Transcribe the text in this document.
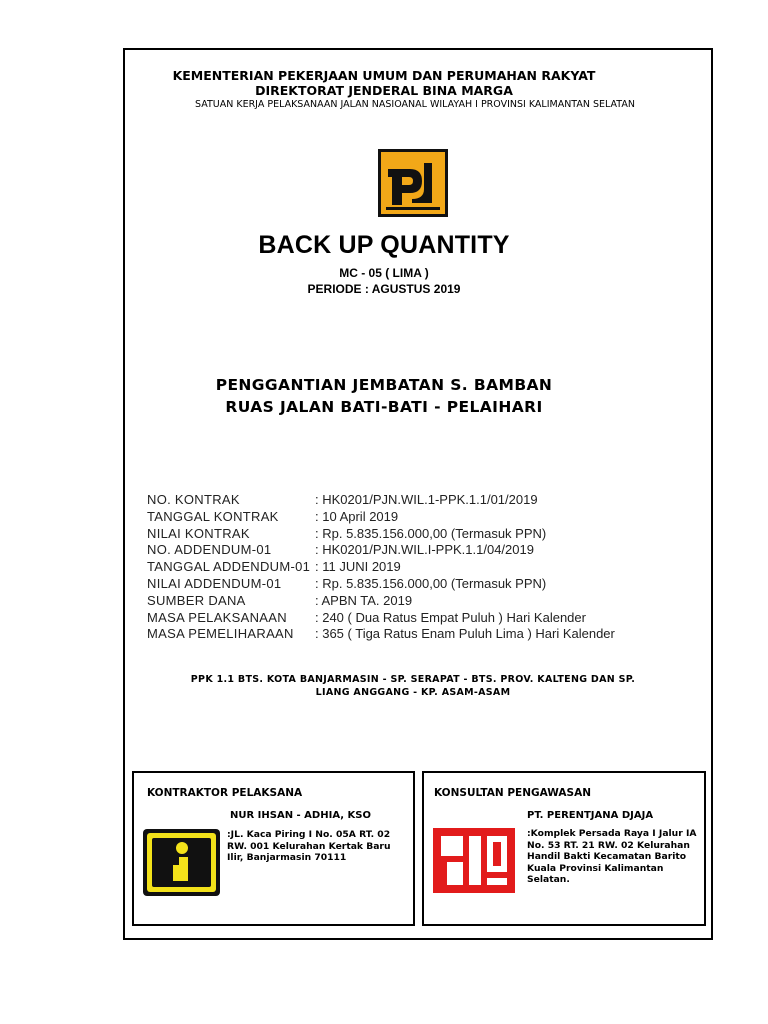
KEMENTERIAN PEKERJAAN UMUM DAN PERUMAHAN RAKYAT
DIREKTORAT JENDERAL BINA MARGA
SATUAN KERJA PELAKSANAAN JALAN NASIOANAL WILAYAH I PROVINSI KALIMANTAN SELATAN
BACK UP QUANTITY
MC - 05 ( LIMA )
PERIODE : AGUSTUS 2019
PENGGANTIAN JEMBATAN S. BAMBAN
RUAS JALAN BATI-BATI - PELAIHARI
NO. KONTRAK	: HK0201/PJN.WIL.1-PPK.1.1/01/2019
TANGGAL KONTRAK	: 10 April 2019
NILAI KONTRAK	: Rp. 5.835.156.000,00 (Termasuk PPN)
NO. ADDENDUM-01	: HK0201/PJN.WIL.I-PPK.1.1/04/2019
TANGGAL ADDENDUM-01 : 11 JUNI 2019
NILAI ADDENDUM-01	: Rp. 5.835.156.000,00 (Termasuk PPN)
SUMBER DANA	: APBN TA. 2019
MASA PELAKSANAAN : 240 ( Dua Ratus Empat Puluh ) Hari Kalender
MASA PEMELIHARAAN : 365 ( Tiga Ratus Enam Puluh Lima ) Hari Kalender
PPK 1.1 BTS. KOTA BANJARMASIN - SP. SERAPAT - BTS. PROV. KALTENG DAN SP. LIANG ANGGANG - KP. ASAM-ASAM
KONTRAKTOR PELAKSANA
NUR IHSAN - ADHIA, KSO
:JL. Kaca Piring I No. 05A RT. 02 RW. 001 Kelurahan Kertak Baru Ilir, Banjarmasin 70111
KONSULTAN PENGAWASAN
PT. PERENTJANA DJAJA
:Komplek Persada Raya I Jalur IA No. 53 RT. 21 RW. 02 Kelurahan Handil Bakti Kecamatan Barito Kuala Provinsi Kalimantan Selatan.
